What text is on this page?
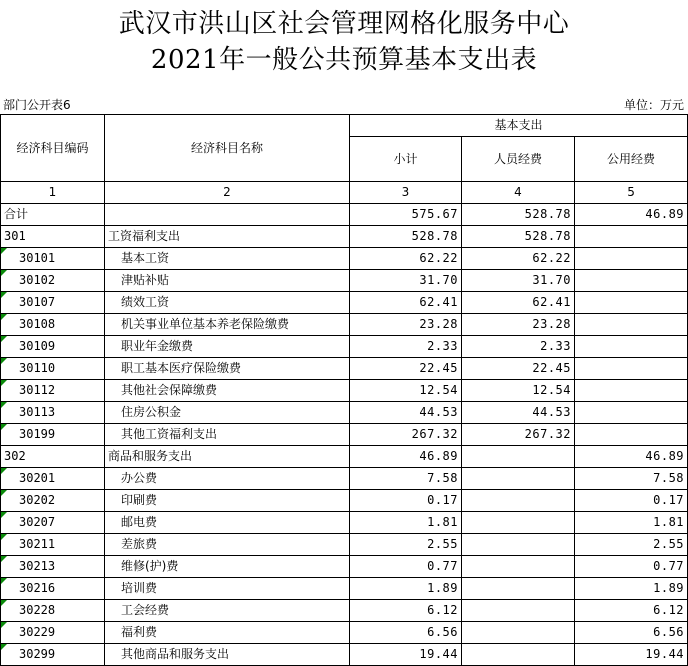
武汉市洪山区社会管理网格化服务中心
2021年一般公共预算基本支出表
部门公开表6	单位：万元
经济科目编码	经济科目名称	基本支出		
		小计	人员经费	公用经费
1	2	3	4	5
合计		575.67	528.78	46.89
301	工资福利支出	528.78	528.78	
30101	基本工资	62.22	62.22	
30102	津贴补贴	31.70	31.70	
30107	绩效工资	62.41	62.41	
30108	机关事业单位基本养老保险缴费	23.28	23.28	
30109	职业年金缴费	2.33	2.33	
30110	职工基本医疗保险缴费	22.45	22.45	
30112	其他社会保障缴费	12.54	12.54	
30113	住房公积金	44.53	44.53	
30199	其他工资福利支出	267.32	267.32	
302	商品和服务支出	46.89		46.89
30201	办公费	7.58		7.58
30202	印刷费	0.17		0.17
30207	邮电费	1.81		1.81
30211	差旅费	2.55		2.55
30213	维修(护)费	0.77		0.77
30216	培训费	1.89		1.89
30228	工会经费	6.12		6.12
30229	福利费	6.56		6.56
30299	其他商品和服务支出	19.44		19.44
